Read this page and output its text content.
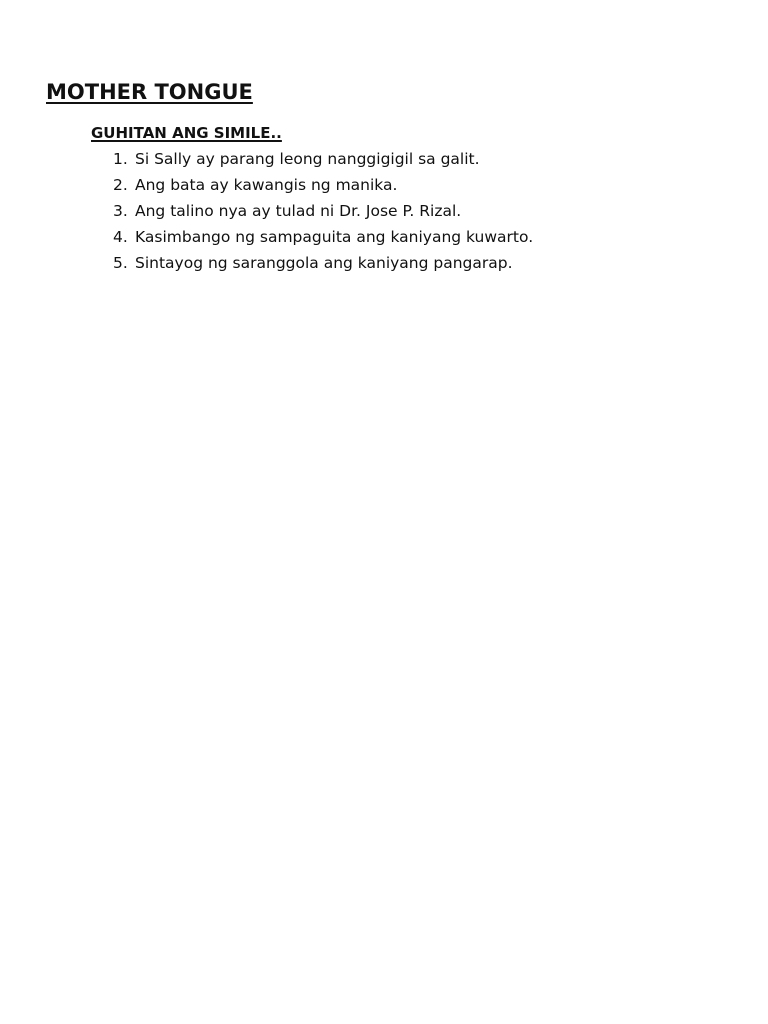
MOTHER TONGUE
GUHITAN ANG SIMILE..
1. Si Sally ay parang leong nanggigigil sa galit.
2. Ang bata ay kawangis ng manika.
3. Ang talino nya ay tulad ni Dr. Jose P. Rizal.
4. Kasimbango ng sampaguita ang kaniyang kuwarto.
5. Sintayog ng saranggola ang kaniyang pangarap.
